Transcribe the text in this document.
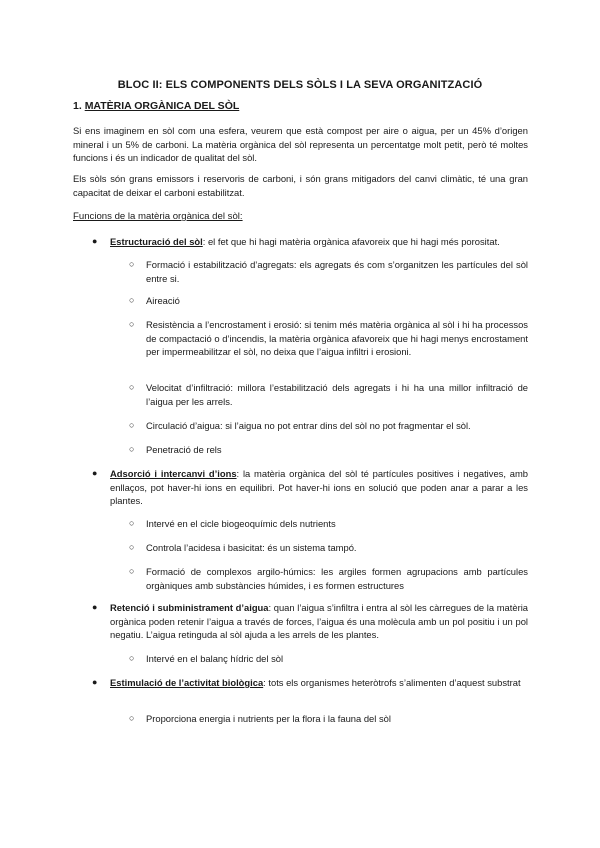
BLOC II: ELS COMPONENTS DELS SÒLS I LA SEVA ORGANITZACIÓ
1. MATÈRIA ORGÀNICA DEL SÒL
Si ens imaginem en sòl com una esfera, veurem que està compost per aire o aigua, per un 45% d’origen mineral i un 5% de carboni. La matèria orgànica del sòl representa un percentatge molt petit, però té moltes funcions i és un indicador de qualitat del sòl.
Els sòls són grans emissors i reservoris de carboni, i són grans mitigadors del canvi climàtic, té una gran capacitat de deixar el carboni estabilitzat.
Funcions de la matèria orgànica del sòl:
● Estructuració del sòl: el fet que hi hagi matèria orgànica afavoreix que hi hagi més porositat.
○ Formació i estabilització d’agregats: els agregats és com s’organitzen les partícules del sòl entre si.
○ Aireació
○ Resistència a l’encrostament i erosió: si tenim més matèria orgànica al sòl i hi ha processos de compactació o d’incendis, la matèria orgànica afavoreix que hi hagi menys encrostament per impermeabilitzar el sòl, no deixa que l’aigua infiltri i erosioni.
○ Velocitat d’infiltració: millora l’estabilització dels agregats i hi ha una millor infiltració de l’aigua per les arrels.
○ Circulació d’aigua: si l’aigua no pot entrar dins del sòl no pot fragmentar el sòl.
○ Penetració de rels
● Adsorció i intercanvi d’ions: la matèria orgànica del sòl té partícules positives i negatives, amb enllaços, pot haver-hi ions en equilibri. Pot haver-hi ions en solució que poden anar a parar a les plantes.
○ Intervé en el cicle biogeoquímic dels nutrients
○ Controla l’acidesa i basicitat: és un sistema tampó.
○ Formació de complexos argilo-húmics: les argiles formen agrupacions amb partícules orgàniques amb substàncies húmides, i es formen estructures
● Retenció i subministrament d’aigua: quan l’aigua s’infiltra i entra al sòl les càrregues de la matèria orgànica poden retenir l’aigua a través de forces, l’aigua és una molècula amb un pol positiu i un pol negatiu. L’aigua retinguda al sòl ajuda a les arrels de les plantes.
○ Intervé en el balanç hídric del sòl
● Estimulació de l’activitat biològica: tots els organismes heteròtrofs s’alimenten d’aquest substrat
○ Proporciona energia i nutrients per la flora i la fauna del sòl
